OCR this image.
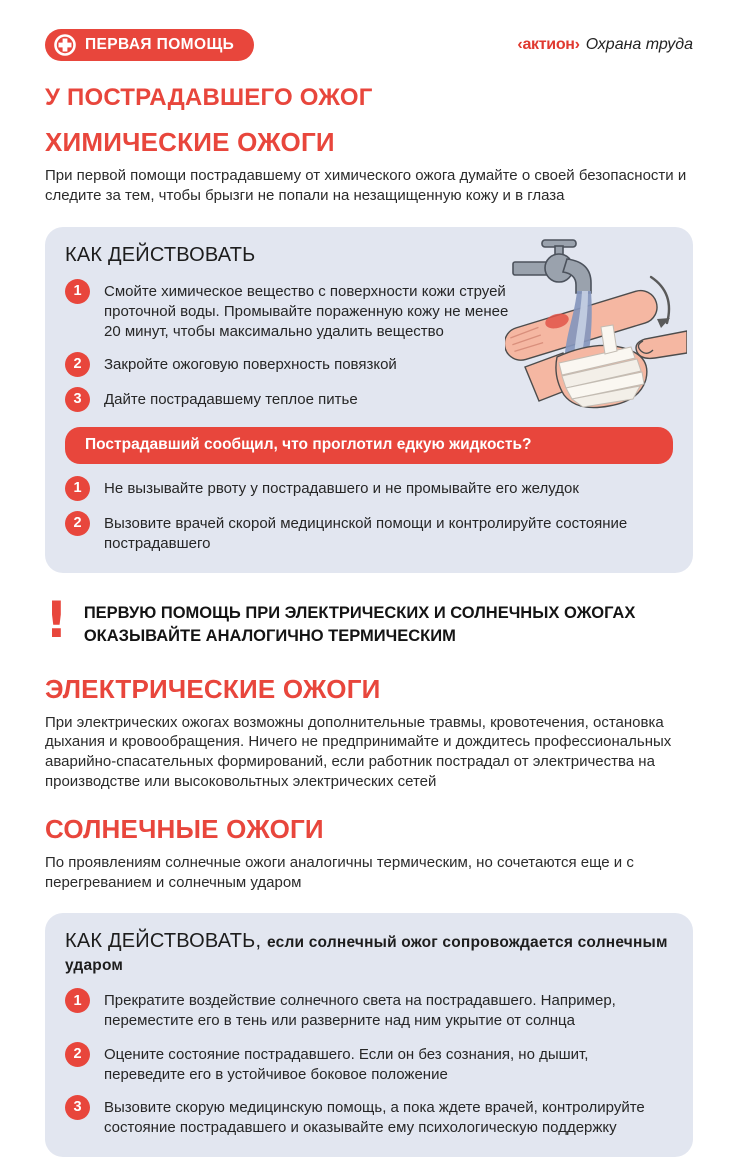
ПЕРВАЯ ПОМОЩЬ	‹актион› Охрана труда
У ПОСТРАДАВШЕГО ОЖОГ
ХИМИЧЕСКИЕ ОЖОГИ
При первой помощи пострадавшему от химического ожога думайте о своей безопасности и следите за тем, чтобы брызги не попали на незащищенную кожу и в глаза
КАК ДЕЙСТВОВАТЬ
1	Смойте химическое вещество с поверхности кожи струей проточной воды. Промывайте пораженную кожу не менее 20 минут, чтобы максимально удалить вещество
2	Закройте ожоговую поверхность повязкой
3	Дайте пострадавшему теплое питье
Пострадавший сообщил, что проглотил едкую жидкость?
1	Не вызывайте рвоту у пострадавшего и не промывайте его желудок
2	Вызовите врачей скорой медицинской помощи и контролируйте состояние пострадавшего
! ПЕРВУЮ ПОМОЩЬ ПРИ ЭЛЕКТРИЧЕСКИХ И СОЛНЕЧНЫХ ОЖОГАХ ОКАЗЫВАЙТЕ АНАЛОГИЧНО ТЕРМИЧЕСКИМ
ЭЛЕКТРИЧЕСКИЕ ОЖОГИ
При электрических ожогах возможны дополнительные травмы, кровотечения, остановка дыхания и кровообращения. Ничего не предпринимайте и дождитесь профессиональных аварийно-спасательных формирований, если работник пострадал от электричества на производстве или высоковольтных электрических сетей
СОЛНЕЧНЫЕ ОЖОГИ
По проявлениям солнечные ожоги аналогичны термическим, но сочетаются еще и с перегреванием и солнечным ударом
КАК ДЕЙСТВОВАТЬ, если солнечный ожог сопровождается солнечным ударом
1	Прекратите воздействие солнечного света на пострадавшего. Например, переместите его в тень или разверните над ним укрытие от солнца
2	Оцените состояние пострадавшего. Если он без сознания, но дышит, переведите его в устойчивое боковое положение
3	Вызовите скорую медицинскую помощь, а пока ждете врачей, контролируйте состояние пострадавшего и оказывайте ему психологическую поддержку
